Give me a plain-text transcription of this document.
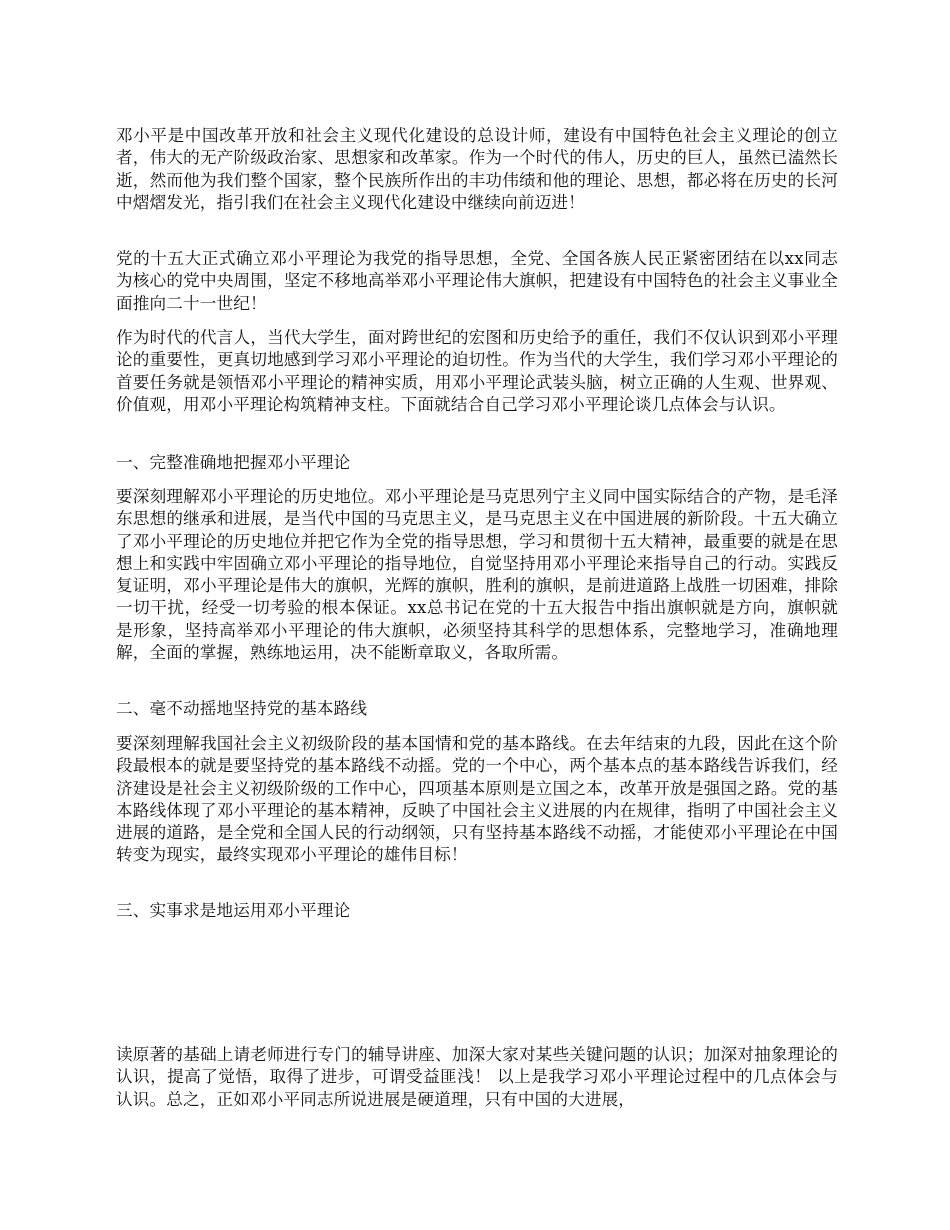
邓小平是中国改革开放和社会主义现代化建设的总设计师，建设有中国特色社会主义理论的创立者，伟大的无产阶级政治家、思想家和改革家。作为一个时代的伟人，历史的巨人，虽然已溘然长逝，然而他为我们整个国家，整个民族所作出的丰功伟绩和他的理论、思想，都必将在历史的长河中熠熠发光，指引我们在社会主义现代化建设中继续向前迈进！
党的十五大正式确立邓小平理论为我党的指导思想，全党、全国各族人民正紧密团结在以xx同志为核心的党中央周围，坚定不移地高举邓小平理论伟大旗帜，把建设有中国特色的社会主义事业全面推向二十一世纪！
作为时代的代言人，当代大学生，面对跨世纪的宏图和历史给予的重任，我们不仅认识到邓小平理论的重要性，更真切地感到学习邓小平理论的迫切性。作为当代的大学生，我们学习邓小平理论的首要任务就是领悟邓小平理论的精神实质，用邓小平理论武装头脑，树立正确的人生观、世界观、价值观，用邓小平理论构筑精神支柱。下面就结合自己学习邓小平理论谈几点体会与认识。
一、完整准确地把握邓小平理论
要深刻理解邓小平理论的历史地位。邓小平理论是马克思列宁主义同中国实际结合的产物，是毛泽东思想的继承和进展，是当代中国的马克思主义，是马克思主义在中国进展的新阶段。十五大确立了邓小平理论的历史地位并把它作为全党的指导思想，学习和贯彻十五大精神，最重要的就是在思想上和实践中牢固确立邓小平理论的指导地位，自觉坚持用邓小平理论来指导自己的行动。实践反复证明，邓小平理论是伟大的旗帜，光辉的旗帜，胜利的旗帜，是前进道路上战胜一切困难，排除一切干扰，经受一切考验的根本保证。xx总书记在党的十五大报告中指出旗帜就是方向，旗帜就是形象，坚持高举邓小平理论的伟大旗帜，必须坚持其科学的思想体系，完整地学习，准确地理解，全面的掌握，熟练地运用，决不能断章取义，各取所需。
二、毫不动摇地坚持党的基本路线
要深刻理解我国社会主义初级阶段的基本国情和党的基本路线。在去年结束的九段，因此在这个阶段最根本的就是要坚持党的基本路线不动摇。党的一个中心，两个基本点的基本路线告诉我们，经济建设是社会主义初级阶级的工作中心，四项基本原则是立国之本，改革开放是强国之路。党的基本路线体现了邓小平理论的基本精神，反映了中国社会主义进展的内在规律，指明了中国社会主义进展的道路，是全党和全国人民的行动纲领，只有坚持基本路线不动摇，才能使邓小平理论在中国转变为现实，最终实现邓小平理论的雄伟目标！
三、实事求是地运用邓小平理论
读原著的基础上请老师进行专门的辅导讲座、加深大家对某些关键问题的认识；加深对抽象理论的认识，提高了觉悟，取得了进步，可谓受益匪浅！ 以上是我学习邓小平理论过程中的几点体会与认识。总之，正如邓小平同志所说进展是硬道理，只有中国的大进展，
